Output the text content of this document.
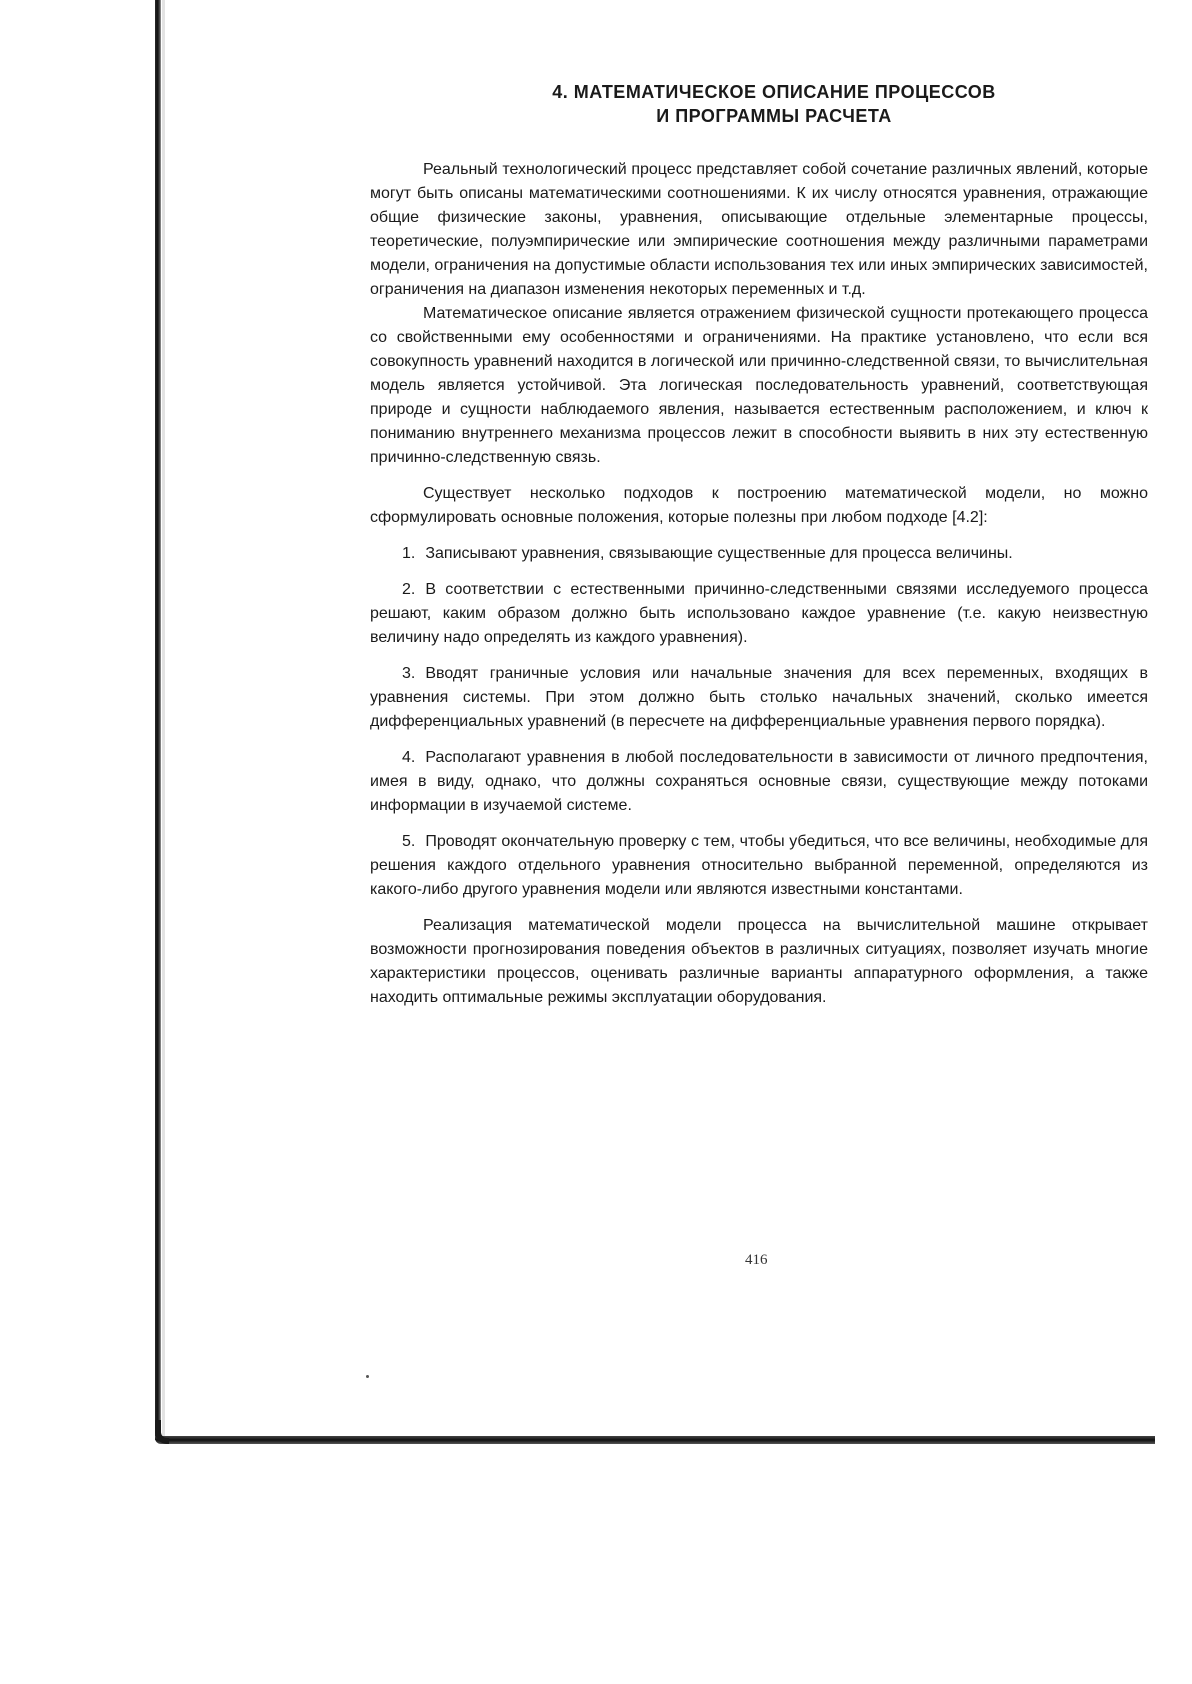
4. МАТЕМАТИЧЕСКОЕ ОПИСАНИЕ ПРОЦЕССОВ
И ПРОГРАММЫ РАСЧЕТА

Реальный технологический процесс представляет собой сочетание различных явлений, которые могут быть описаны математическими соотношениями. К их числу относятся уравнения, отражающие общие физические законы, уравнения, описывающие отдельные элементарные процессы, теоретические, полуэмпирические или эмпирические соотношения между различными параметрами модели, ограничения на допустимые области использования тех или иных эмпирических зависимостей, ограничения на диапазон изменения некоторых переменных и т.д.

Математическое описание является отражением физической сущности протекающего процесса со свойственными ему особенностями и ограничениями. На практике установлено, что если вся совокупность уравнений находится в логической или причинно-следственной связи, то вычислительная модель является устойчивой. Эта логическая последовательность уравнений, соответствующая природе и сущности наблюдаемого явления, называется естественным расположением, и ключ к пониманию внутреннего механизма процессов лежит в способности выявить в них эту естественную причинно-следственную связь.

Существует несколько подходов к построению математической модели, но можно сформулировать основные положения, которые полезны при любом подходе [4.2]:

1. Записывают уравнения, связывающие существенные для процесса величины.
2. В соответствии с естественными причинно-следственными связями исследуемого процесса решают, каким образом должно быть использовано каждое уравнение (т.е. какую неизвестную величину надо определять из каждого уравнения).
3. Вводят граничные условия или начальные значения для всех переменных, входящих в уравнения системы. При этом должно быть столько начальных значений, сколько имеется дифференциальных уравнений (в пересчете на дифференциальные уравнения первого порядка).
4. Располагают уравнения в любой последовательности в зависимости от личного предпочтения, имея в виду, однако, что должны сохраняться основные связи, существующие между потоками информации в изучаемой системе.
5. Проводят окончательную проверку с тем, чтобы убедиться, что все величины, необходимые для решения каждого отдельного уравнения относительно выбранной переменной, определяются из какого-либо другого уравнения модели или являются известными константами.

Реализация математической модели процесса на вычислительной машине открывает возможности прогнозирования поведения объектов в различных ситуациях, позволяет изучать многие характеристики процессов, оценивать различные варианты аппаратурного оформления, а также находить оптимальные режимы эксплуатации оборудования.

416
